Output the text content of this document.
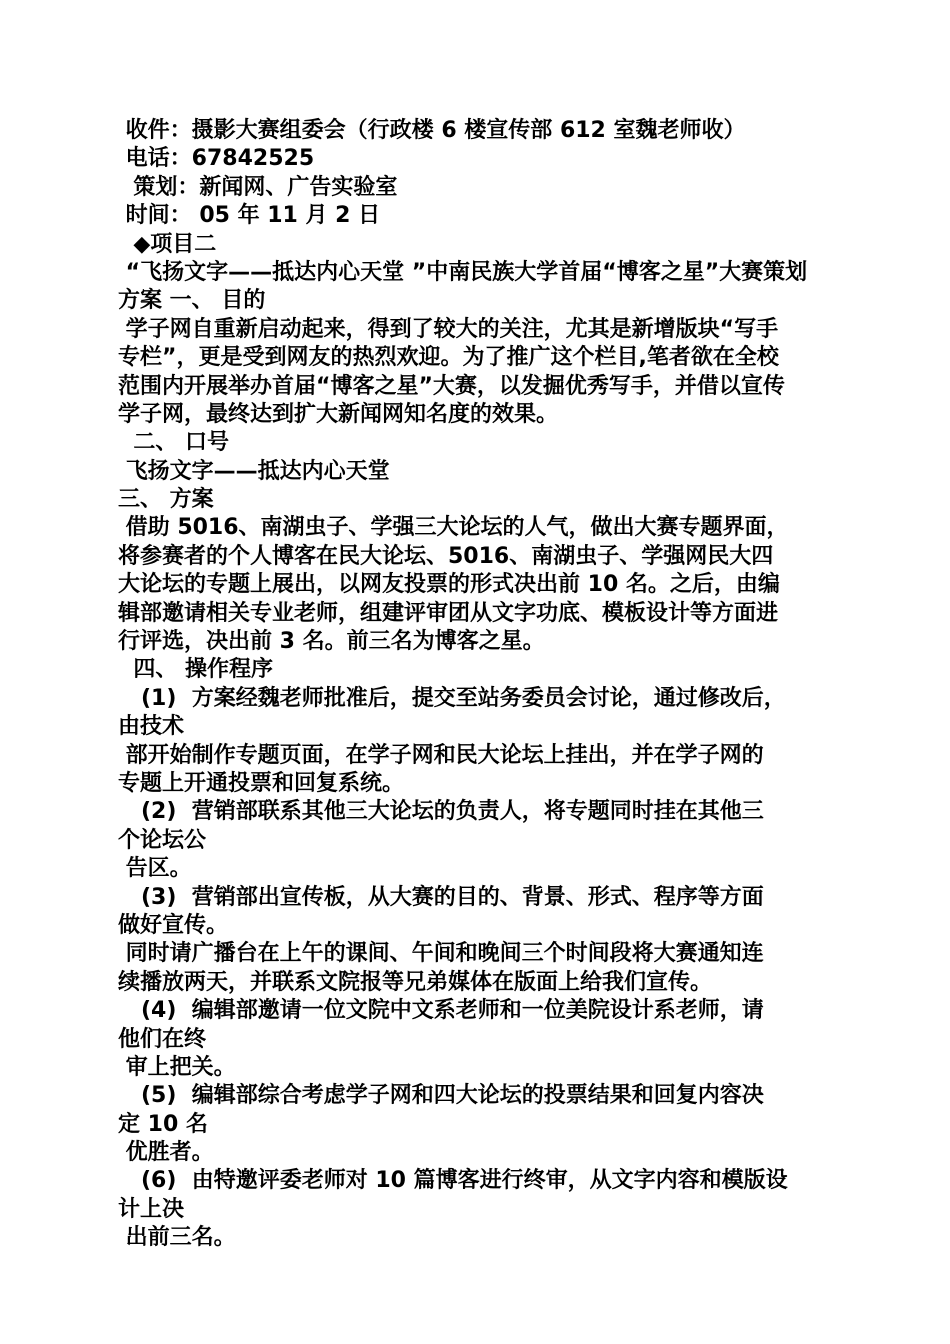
收件：摄影大赛组委会（行政楼 6 楼宣传部 612 室魏老师收）
电话：67842525
策划：新闻网、广告实验室
时间： 05 年 11 月 2 日
◆项目二
“飞扬文字——抵达内心天堂 ”中南民族大学首届“博客之星”大赛策划
方案 一、 目的
学子网自重新启动起来，得到了较大的关注，尤其是新增版块“写手
专栏”，更是受到网友的热烈欢迎。为了推广这个栏目,笔者欲在全校
范围内开展举办首届“博客之星”大赛，以发掘优秀写手，并借以宣传
学子网，最终达到扩大新闻网知名度的效果。
二、 口号
飞扬文字——抵达内心天堂
三、 方案
借助 5016、南湖虫子、学强三大论坛的人气，做出大赛专题界面，
将参赛者的个人博客在民大论坛、5016、南湖虫子、学强网民大四
大论坛的专题上展出，以网友投票的形式决出前 10 名。之后，由编
辑部邀请相关专业老师，组建评审团从文字功底、模板设计等方面进
行评选，决出前 3 名。前三名为博客之星。
四、 操作程序
(1)  方案经魏老师批准后，提交至站务委员会讨论，通过修改后，
由技术
部开始制作专题页面，在学子网和民大论坛上挂出，并在学子网的
专题上开通投票和回复系统。
(2)  营销部联系其他三大论坛的负责人，将专题同时挂在其他三
个论坛公
告区。
(3)  营销部出宣传板，从大赛的目的、背景、形式、程序等方面
做好宣传。
同时请广播台在上午的课间、午间和晚间三个时间段将大赛通知连
续播放两天，并联系文院报等兄弟媒体在版面上给我们宣传。
(4)  编辑部邀请一位文院中文系老师和一位美院设计系老师，请
他们在终
审上把关。
(5)  编辑部综合考虑学子网和四大论坛的投票结果和回复内容决
定 10 名
优胜者。
(6)  由特邀评委老师对 10 篇博客进行终审，从文字内容和模版设
计上决
出前三名。
